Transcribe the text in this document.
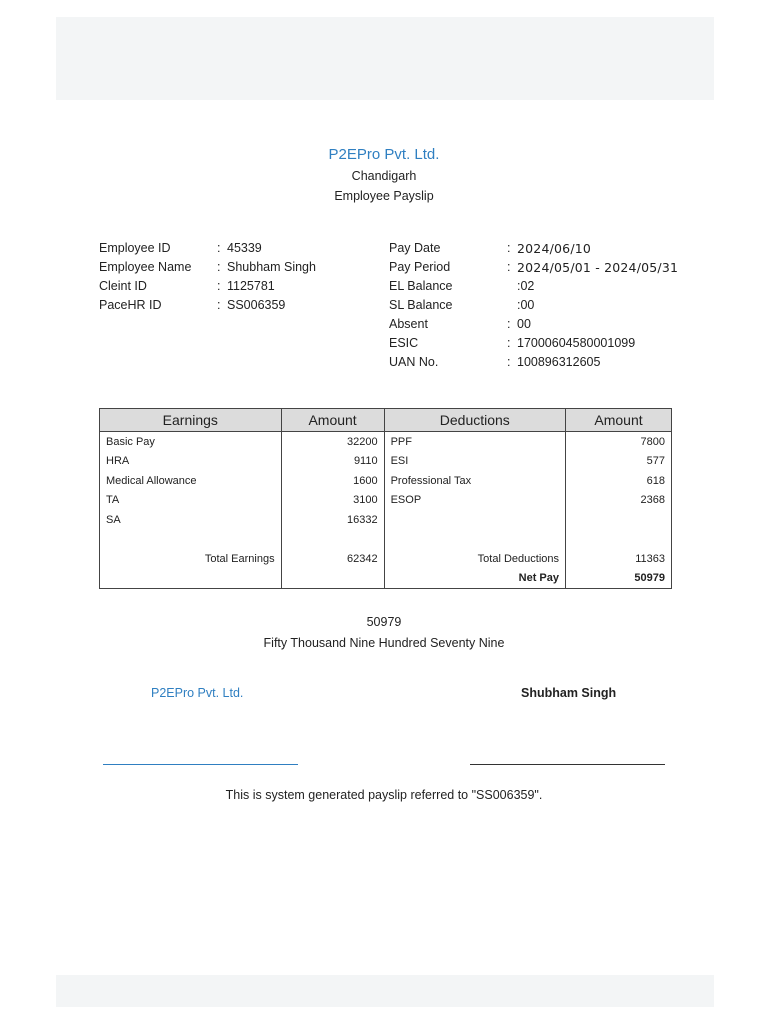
P2EPro Pvt. Ltd.
Chandigarh
Employee Payslip
Employee ID	: 45339
Employee Name	: Shubham Singh
Cleint ID	: 1125781
PaceHR ID	: SS006359
Pay Date	: 2024/06/10
Pay Period	: 2024/05/01 - 2024/05/31
EL Balance	:02
SL Balance	:00
Absent	: 00
ESIC	: 17000604580001099
UAN No.	: 100896312605
Earnings	Amount	Deductions	Amount
Basic Pay	32200	PPF	7800
HRA	9110	ESI	577
Medical Allowance	1600	Professional Tax	618
TA	3100	ESOP	2368
SA	16332		

Total Earnings	62342	Total Deductions	11363
		Net Pay	50979
50979
Fifty Thousand Nine Hundred Seventy Nine
P2EPro Pvt. Ltd.	Shubham Singh
This is system generated payslip referred to "SS006359".
